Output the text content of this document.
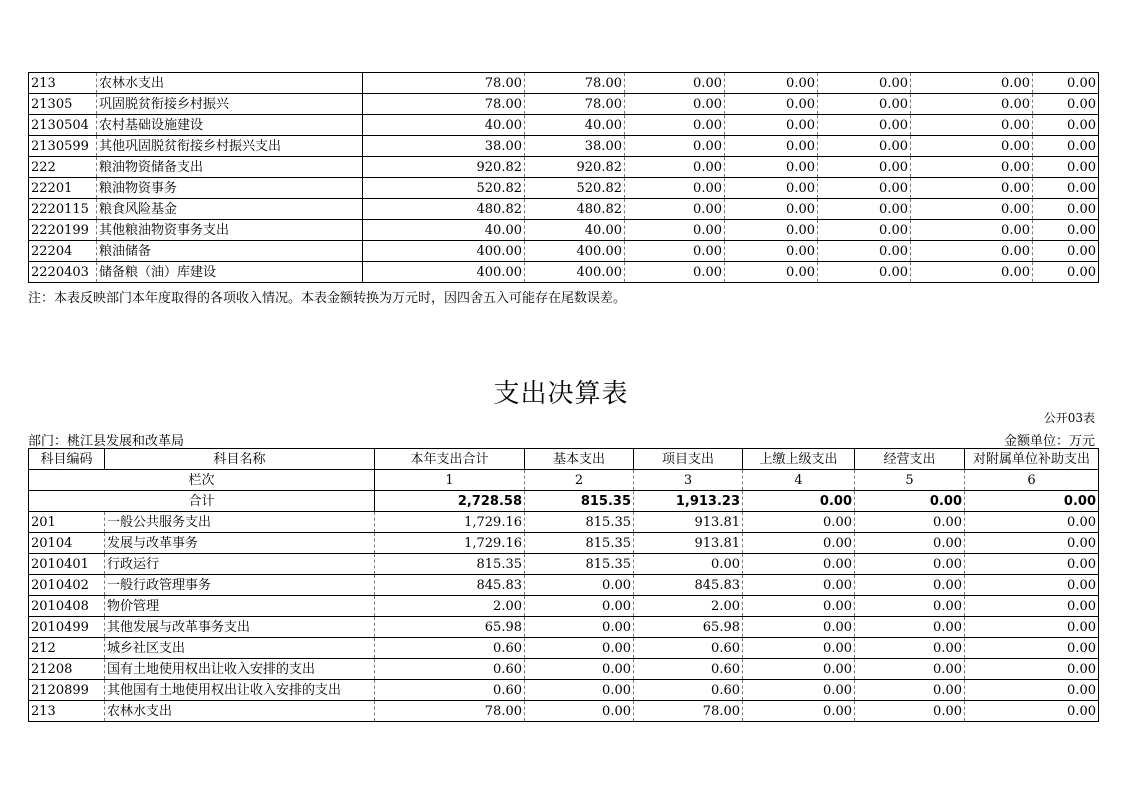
213	农林水支出	78.00	78.00	0.00	0.00	0.00	0.00	0.00
21305	巩固脱贫衔接乡村振兴	78.00	78.00	0.00	0.00	0.00	0.00	0.00
2130504	农村基础设施建设	40.00	40.00	0.00	0.00	0.00	0.00	0.00
2130599	其他巩固脱贫衔接乡村振兴支出	38.00	38.00	0.00	0.00	0.00	0.00	0.00
222	粮油物资储备支出	920.82	920.82	0.00	0.00	0.00	0.00	0.00
22201	粮油物资事务	520.82	520.82	0.00	0.00	0.00	0.00	0.00
2220115	粮食风险基金	480.82	480.82	0.00	0.00	0.00	0.00	0.00
2220199	其他粮油物资事务支出	40.00	40.00	0.00	0.00	0.00	0.00	0.00
22204	粮油储备	400.00	400.00	0.00	0.00	0.00	0.00	0.00
2220403	储备粮（油）库建设	400.00	400.00	0.00	0.00	0.00	0.00	0.00
注：本表反映部门本年度取得的各项收入情况。本表金额转换为万元时，因四舍五入可能存在尾数误差。
支出决算表
公开03表
部门：桃江县发展和改革局	金额单位：万元
科目编码	科目名称	本年支出合计	基本支出	项目支出	上缴上级支出	经营支出	对附属单位补助支出
栏次		1	2	3	4	5	6
合计		2,728.58	815.35	1,913.23	0.00	0.00	0.00
201	一般公共服务支出	1,729.16	815.35	913.81	0.00	0.00	0.00
20104	发展与改革事务	1,729.16	815.35	913.81	0.00	0.00	0.00
2010401	行政运行	815.35	815.35	0.00	0.00	0.00	0.00
2010402	一般行政管理事务	845.83	0.00	845.83	0.00	0.00	0.00
2010408	物价管理	2.00	0.00	2.00	0.00	0.00	0.00
2010499	其他发展与改革事务支出	65.98	0.00	65.98	0.00	0.00	0.00
212	城乡社区支出	0.60	0.00	0.60	0.00	0.00	0.00
21208	国有土地使用权出让收入安排的支出	0.60	0.00	0.60	0.00	0.00	0.00
2120899	其他国有土地使用权出让收入安排的支出	0.60	0.00	0.60	0.00	0.00	0.00
213	农林水支出	78.00	0.00	78.00	0.00	0.00	0.00
